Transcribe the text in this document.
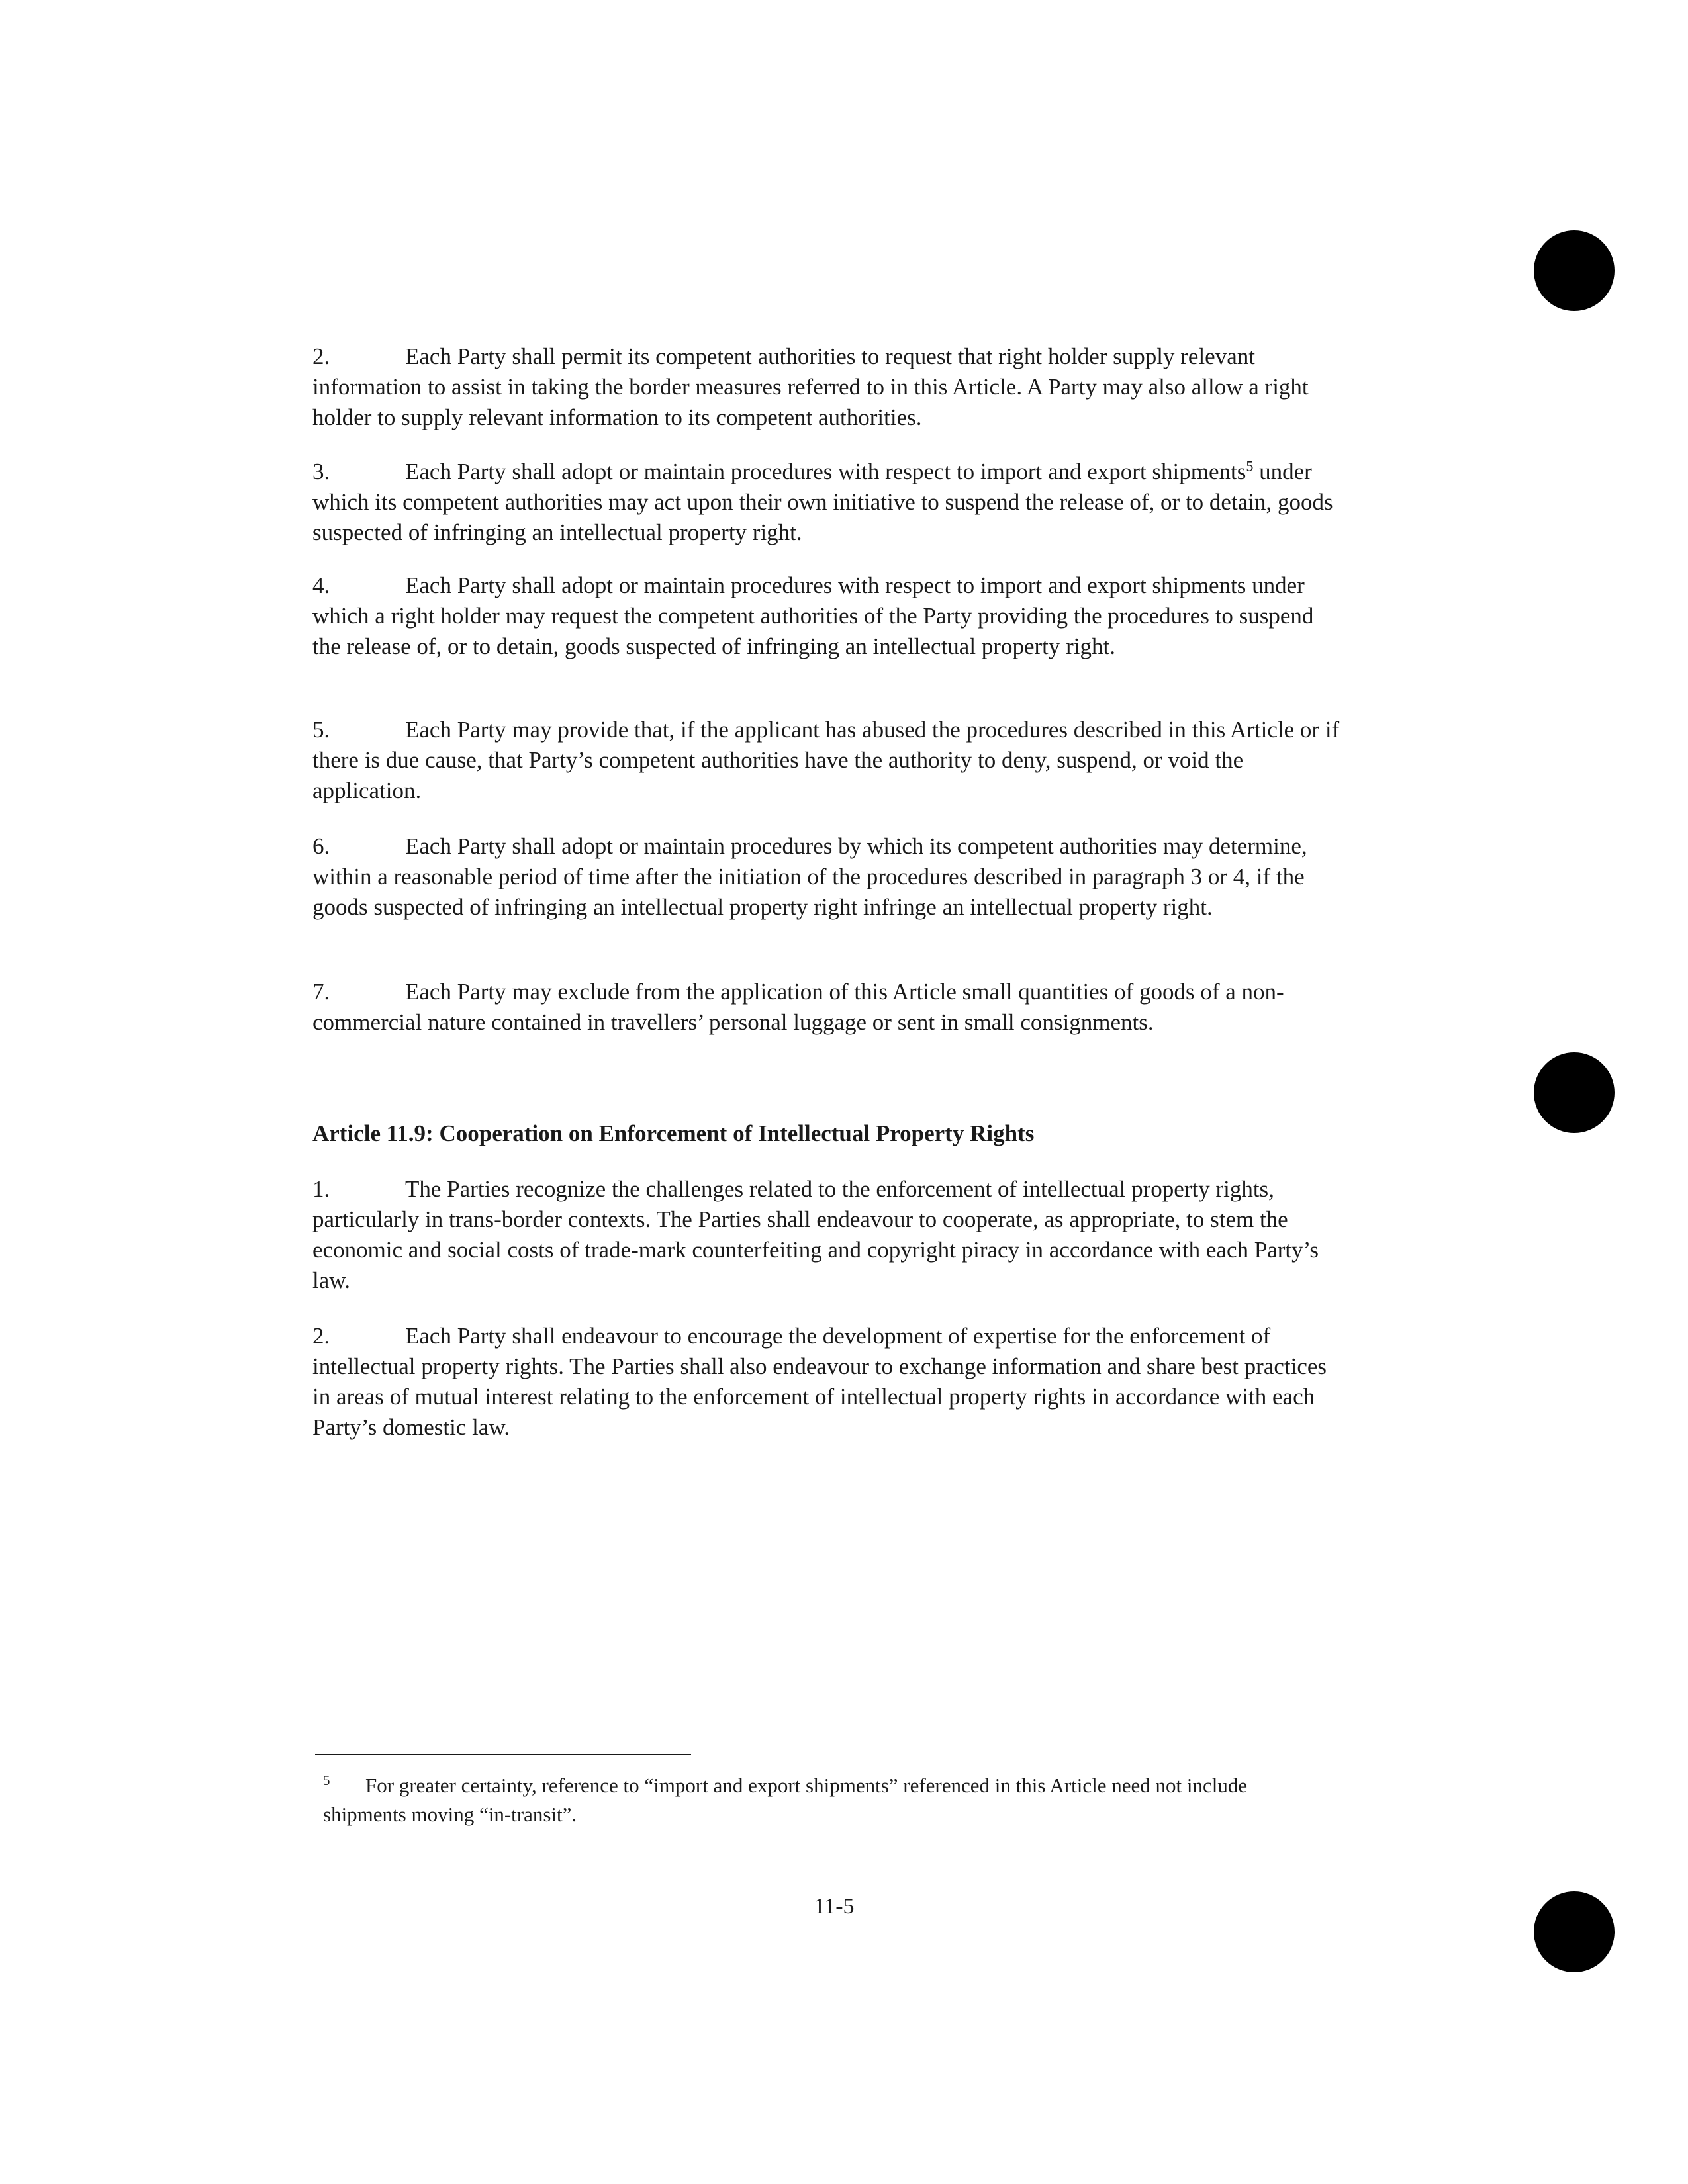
2.	Each Party shall permit its competent authorities to request that right holder supply relevant information to assist in taking the border measures referred to in this Article. A Party may also allow a right holder to supply relevant information to its competent authorities.

3.	Each Party shall adopt or maintain procedures with respect to import and export shipments$^5$ under which its competent authorities may act upon their own initiative to suspend the release of, or to detain, goods suspected of infringing an intellectual property right.

4.	Each Party shall adopt or maintain procedures with respect to import and export shipments under which a right holder may request the competent authorities of the Party providing the procedures to suspend the release of, or to detain, goods suspected of infringing an intellectual property right.

5.	Each Party may provide that, if the applicant has abused the procedures described in this Article or if there is due cause, that Party’s competent authorities have the authority to deny, suspend, or void the application.

6.	Each Party shall adopt or maintain procedures by which its competent authorities may determine, within a reasonable period of time after the initiation of the procedures described in paragraph 3 or 4, if the goods suspected of infringing an intellectual property right infringe an intellectual property right.

7.	Each Party may exclude from the application of this Article small quantities of goods of a non-commercial nature contained in travellers’ personal luggage or sent in small consignments.

Article 11.9: Cooperation on Enforcement of Intellectual Property Rights

1.	The Parties recognize the challenges related to the enforcement of intellectual property rights, particularly in trans-border contexts. The Parties shall endeavour to cooperate, as appropriate, to stem the economic and social costs of trade-mark counterfeiting and copyright piracy in accordance with each Party’s law.

2.	Each Party shall endeavour to encourage the development of expertise for the enforcement of intellectual property rights. The Parties shall also endeavour to exchange information and share best practices in areas of mutual interest relating to the enforcement of intellectual property rights in accordance with each Party’s domestic law.

5 For greater certainty, reference to “import and export shipments” referenced in this Article need not include shipments moving “in-transit”.

11-5
